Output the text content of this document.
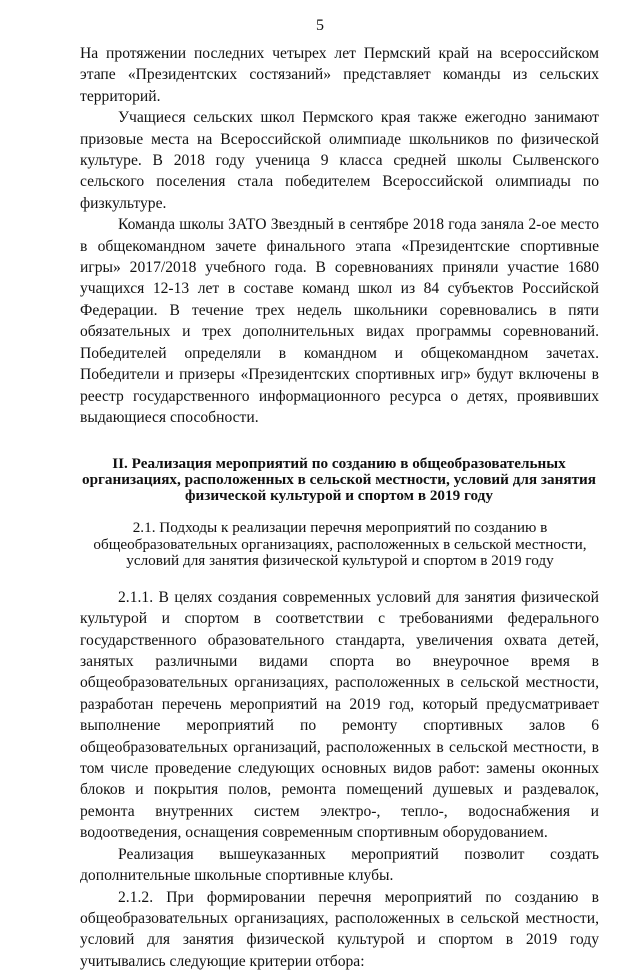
5

На протяжении последних четырех лет Пермский край на всероссийском этапе «Президентских состязаний» представляет команды из сельских территорий.

Учащиеся сельских школ Пермского края также ежегодно занимают призовые места на Всероссийской олимпиаде школьников по физической культуре. В 2018 году ученица 9 класса средней школы Сылвенского сельского поселения стала победителем Всероссийской олимпиады по физкультуре.

Команда школы ЗАТО Звездный в сентябре 2018 года заняла 2-ое место в общекомандном зачете финального этапа «Президентские спортивные игры» 2017/2018 учебного года. В соревнованиях приняли участие 1680 учащихся 12-13 лет в составе команд школ из 84 субъектов Российской Федерации. В течение трех недель школьники соревновались в пяти обязательных и трех дополнительных видах программы соревнований. Победителей определяли в командном и общекомандном зачетах. Победители и призеры «Президентских спортивных игр» будут включены в реестр государственного информационного ресурса о детях, проявивших выдающиеся способности.

II. Реализация мероприятий по созданию в общеобразовательных организациях, расположенных в сельской местности, условий для занятия физической культурой и спортом в 2019 году
2.1. Подходы к реализации перечня мероприятий по созданию в общеобразовательных организациях, расположенных в сельской местности, условий для занятия физической культурой и спортом в 2019 году

2.1.1. В целях создания современных условий для занятия физической культурой и спортом в соответствии с требованиями федерального государственного образовательного стандарта, увеличения охвата детей, занятых различными видами спорта во внеурочное время в общеобразовательных организациях, расположенных в сельской местности, разработан перечень мероприятий на 2019 год, который предусматривает выполнение мероприятий по ремонту спортивных залов 6 общеобразовательных организаций, расположенных в сельской местности, в том числе проведение следующих основных видов работ: замены оконных блоков и покрытия полов, ремонта помещений душевых и раздевалок, ремонта внутренних систем электро-, тепло-, водоснабжения и водоотведения, оснащения современным спортивным оборудованием.

Реализация вышеуказанных мероприятий позволит создать дополнительные школьные спортивные клубы.

2.1.2. При формировании перечня мероприятий по созданию в общеобразовательных организациях, расположенных в сельской местности, условий для занятия физической культурой и спортом в 2019 году учитывались следующие критерии отбора:
